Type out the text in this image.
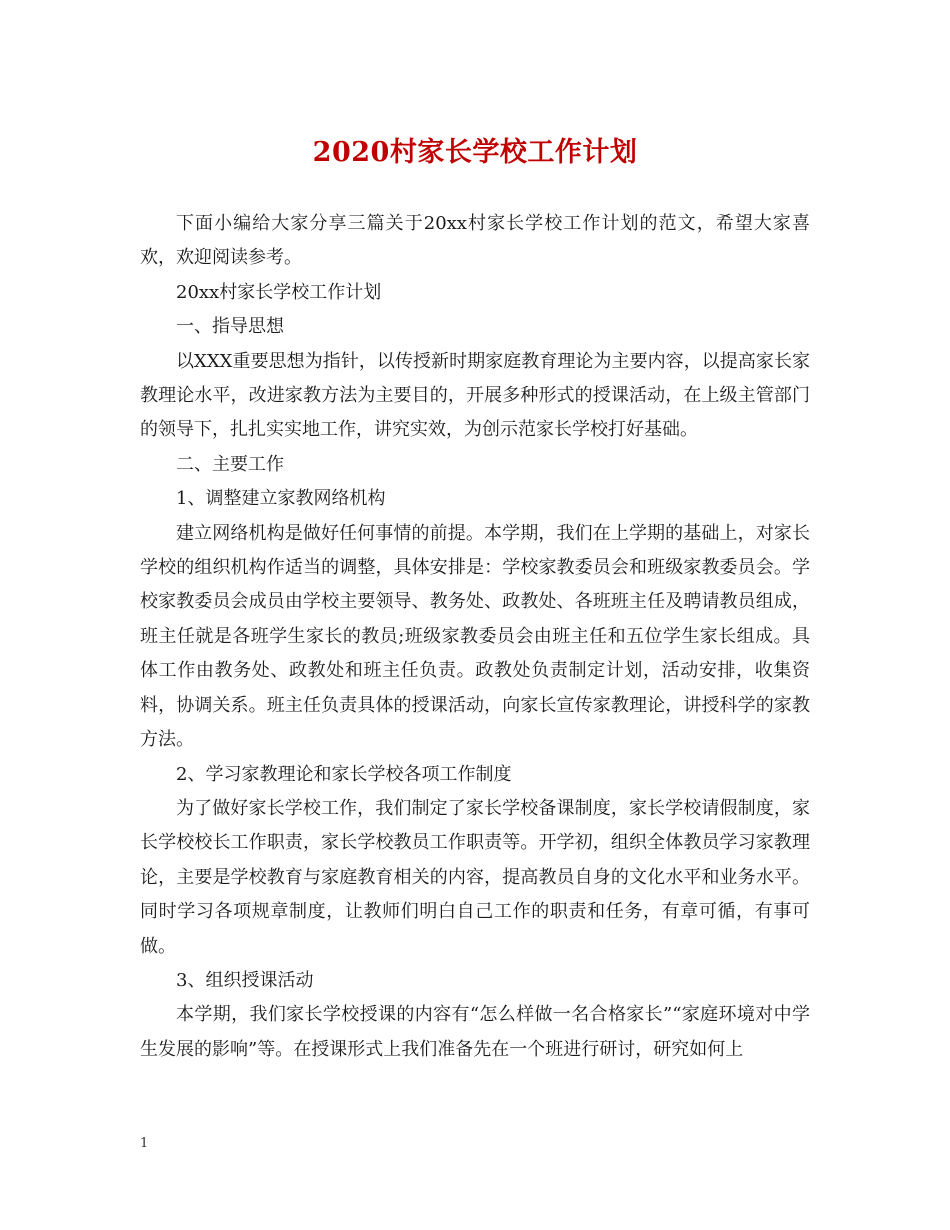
2020村家长学校工作计划

下面小编给大家分享三篇关于20xx村家长学校工作计划的范文，希望大家喜欢，欢迎阅读参考。

20xx村家长学校工作计划

一、指导思想

以XXX重要思想为指针，以传授新时期家庭教育理论为主要内容，以提高家长家教理论水平，改进家教方法为主要目的，开展多种形式的授课活动，在上级主管部门的领导下，扎扎实实地工作，讲究实效，为创示范家长学校打好基础。

二、主要工作

1、调整建立家教网络机构

建立网络机构是做好任何事情的前提。本学期，我们在上学期的基础上，对家长学校的组织机构作适当的调整，具体安排是：学校家教委员会和班级家教委员会。学校家教委员会成员由学校主要领导、教务处、政教处、各班班主任及聘请教员组成，班主任就是各班学生家长的教员;班级家教委员会由班主任和五位学生家长组成。具体工作由教务处、政教处和班主任负责。政教处负责制定计划，活动安排，收集资料，协调关系。班主任负责具体的授课活动，向家长宣传家教理论，讲授科学的家教方法。

2、学习家教理论和家长学校各项工作制度

为了做好家长学校工作，我们制定了家长学校备课制度，家长学校请假制度，家长学校校长工作职责，家长学校教员工作职责等。开学初，组织全体教员学习家教理论，主要是学校教育与家庭教育相关的内容，提高教员自身的文化水平和业务水平。同时学习各项规章制度，让教师们明白自己工作的职责和任务，有章可循，有事可做。

3、组织授课活动

本学期，我们家长学校授课的内容有“怎么样做一名合格家长”“家庭环境对中学生发展的影响”等。在授课形式上我们准备先在一个班进行研讨，研究如何上

1
